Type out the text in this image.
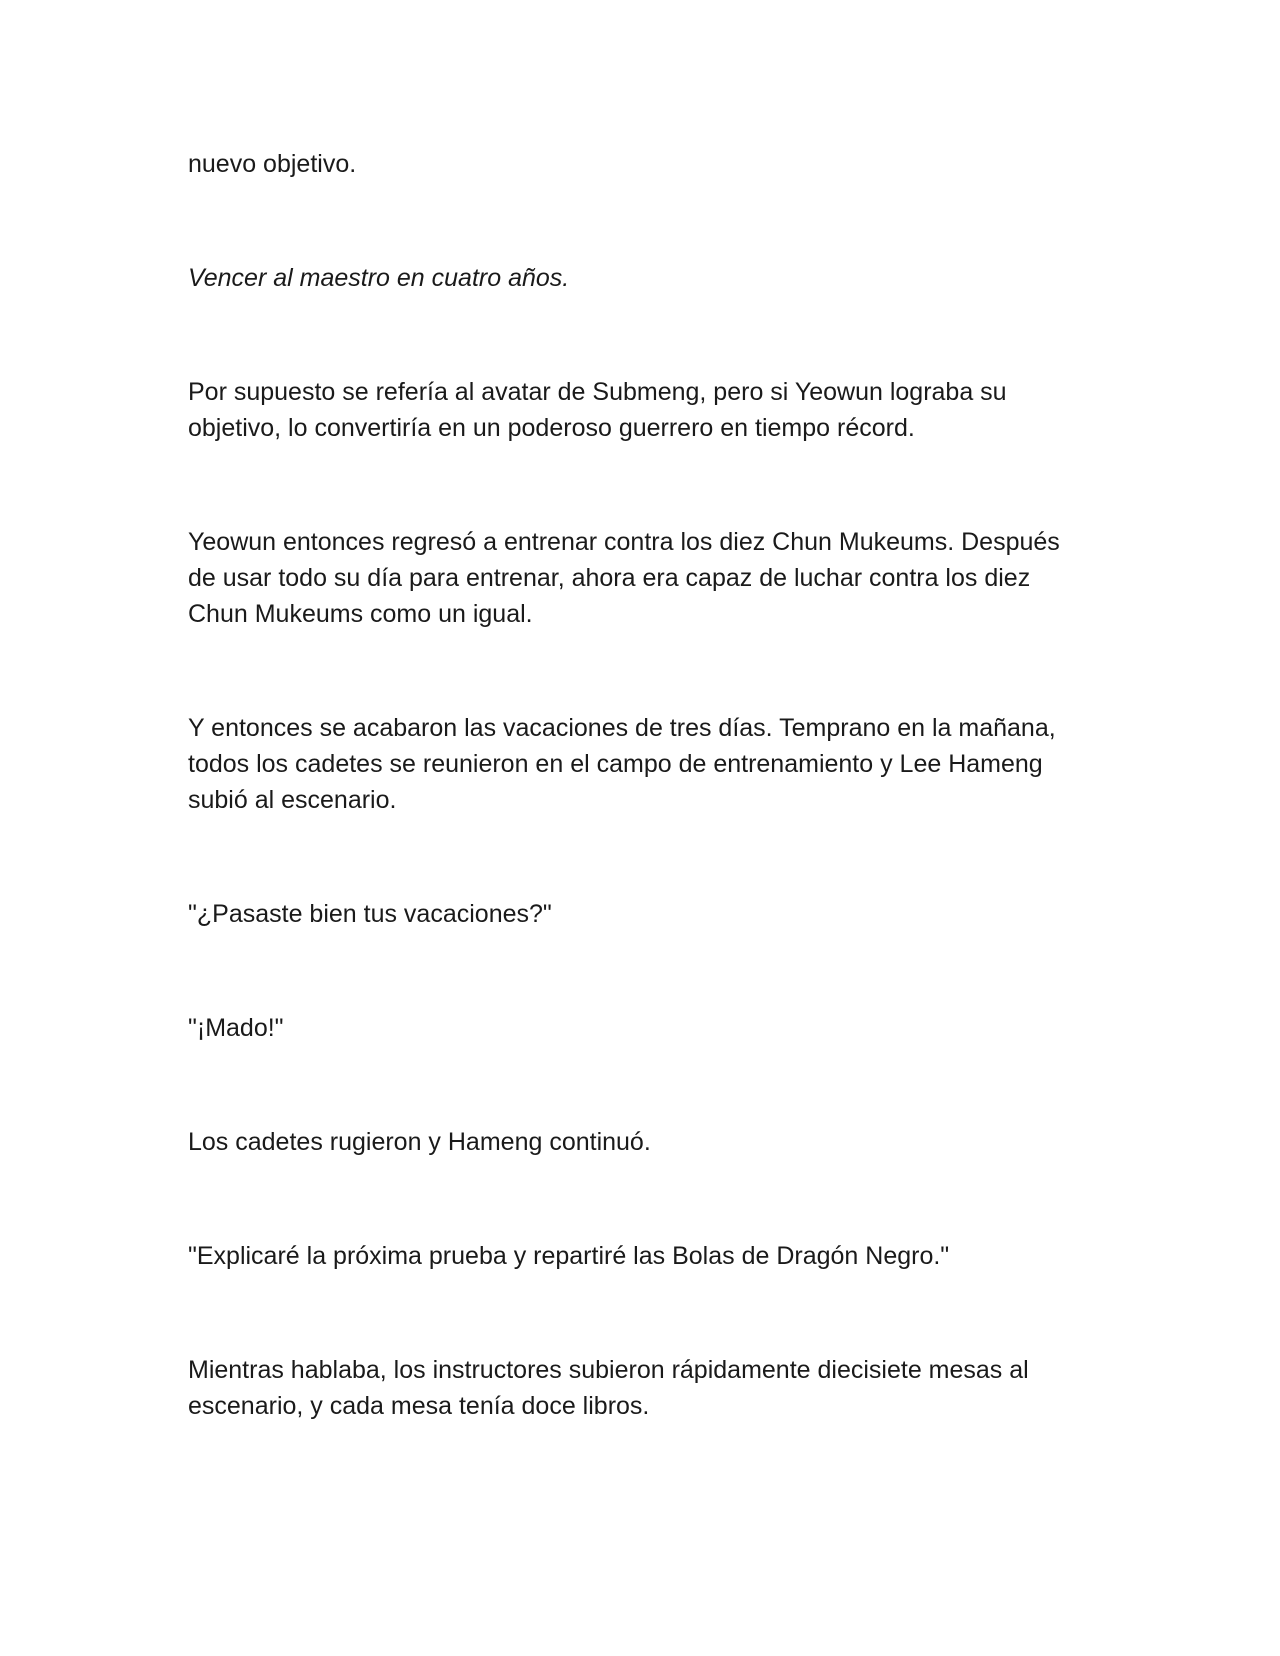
nuevo objetivo.

Vencer al maestro en cuatro años.

Por supuesto se refería al avatar de Submeng, pero si Yeowun lograba su objetivo, lo convertiría en un poderoso guerrero en tiempo récord.

Yeowun entonces regresó a entrenar contra los diez Chun Mukeums. Después de usar todo su día para entrenar, ahora era capaz de luchar contra los diez Chun Mukeums como un igual.

Y entonces se acabaron las vacaciones de tres días. Temprano en la mañana, todos los cadetes se reunieron en el campo de entrenamiento y Lee Hameng subió al escenario.

"¿Pasaste bien tus vacaciones?"

"¡Mado!"

Los cadetes rugieron y Hameng continuó.

"Explicaré la próxima prueba y repartiré las Bolas de Dragón Negro."

Mientras hablaba, los instructores subieron rápidamente diecisiete mesas al escenario, y cada mesa tenía doce libros.
